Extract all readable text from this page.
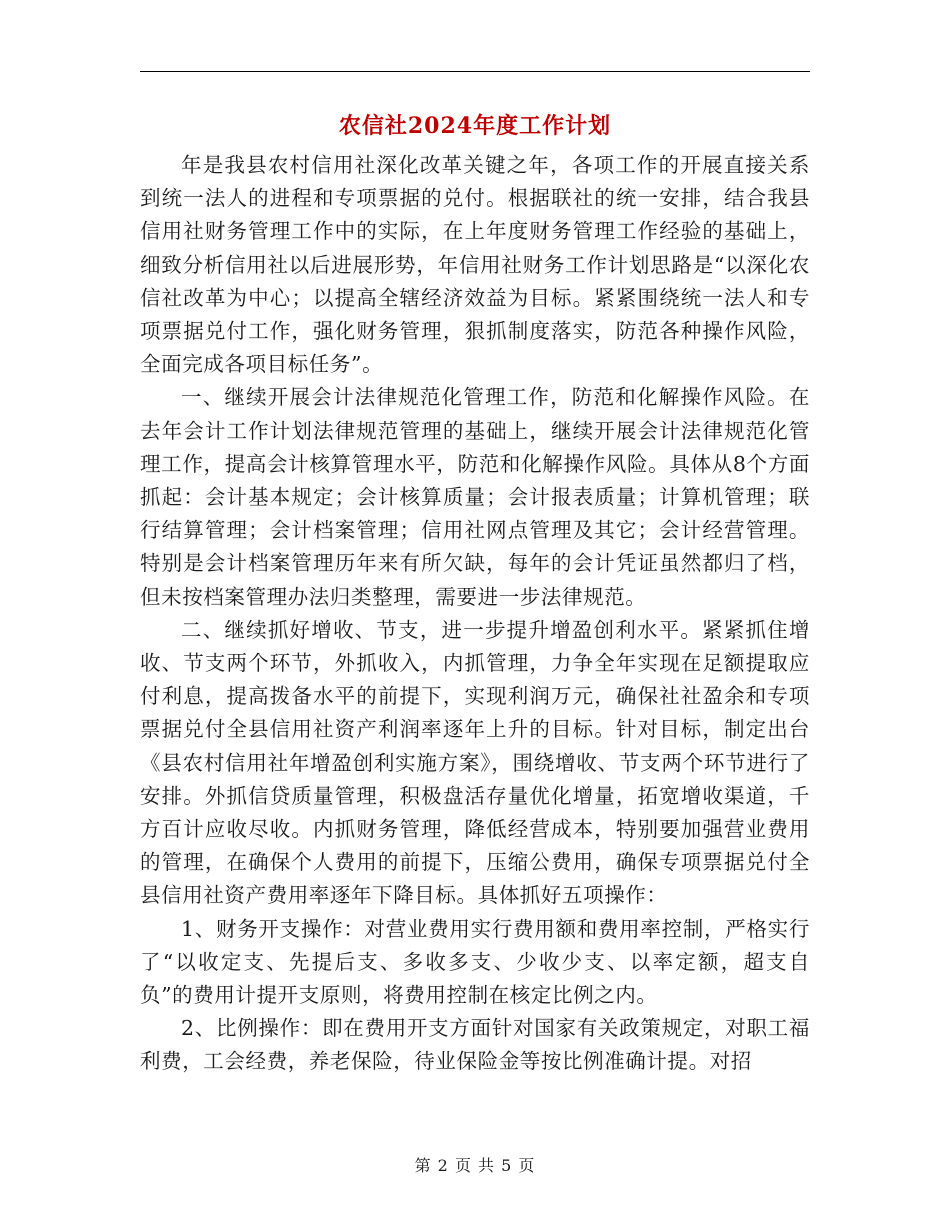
农信社2024年度工作计划

年是我县农村信用社深化改革关键之年，各项工作的开展直接关系到统一法人的进程和专项票据的兑付。根据联社的统一安排，结合我县信用社财务管理工作中的实际，在上年度财务管理工作经验的基础上，细致分析信用社以后进展形势，年信用社财务工作计划思路是“以深化农信社改革为中心；以提高全辖经济效益为目标。紧紧围绕统一法人和专项票据兑付工作，强化财务管理，狠抓制度落实，防范各种操作风险，全面完成各项目标任务”。

一、继续开展会计法律规范化管理工作，防范和化解操作风险。在去年会计工作计划法律规范管理的基础上，继续开展会计法律规范化管理工作，提高会计核算管理水平，防范和化解操作风险。具体从8个方面抓起：会计基本规定；会计核算质量；会计报表质量；计算机管理；联行结算管理；会计档案管理；信用社网点管理及其它；会计经营管理。特别是会计档案管理历年来有所欠缺，每年的会计凭证虽然都归了档，但未按档案管理办法归类整理，需要进一步法律规范。

二、继续抓好增收、节支，进一步提升增盈创利水平。紧紧抓住增收、节支两个环节，外抓收入，内抓管理，力争全年实现在足额提取应付利息，提高拨备水平的前提下，实现利润万元，确保社社盈余和专项票据兑付全县信用社资产利润率逐年上升的目标。针对目标，制定出台《县农村信用社年增盈创利实施方案》，围绕增收、节支两个环节进行了安排。外抓信贷质量管理，积极盘活存量优化增量，拓宽增收渠道，千方百计应收尽收。内抓财务管理，降低经营成本，特别要加强营业费用的管理，在确保个人费用的前提下，压缩公费用，确保专项票据兑付全县信用社资产费用率逐年下降目标。具体抓好五项操作：

1、财务开支操作：对营业费用实行费用额和费用率控制，严格实行了“以收定支、先提后支、多收多支、少收少支、以率定额，超支自负”的费用计提开支原则，将费用控制在核定比例之内。

2、比例操作：即在费用开支方面针对国家有关政策规定，对职工福利费，工会经费，养老保险，待业保险金等按比例准确计提。对招

第 2 页 共 5 页
